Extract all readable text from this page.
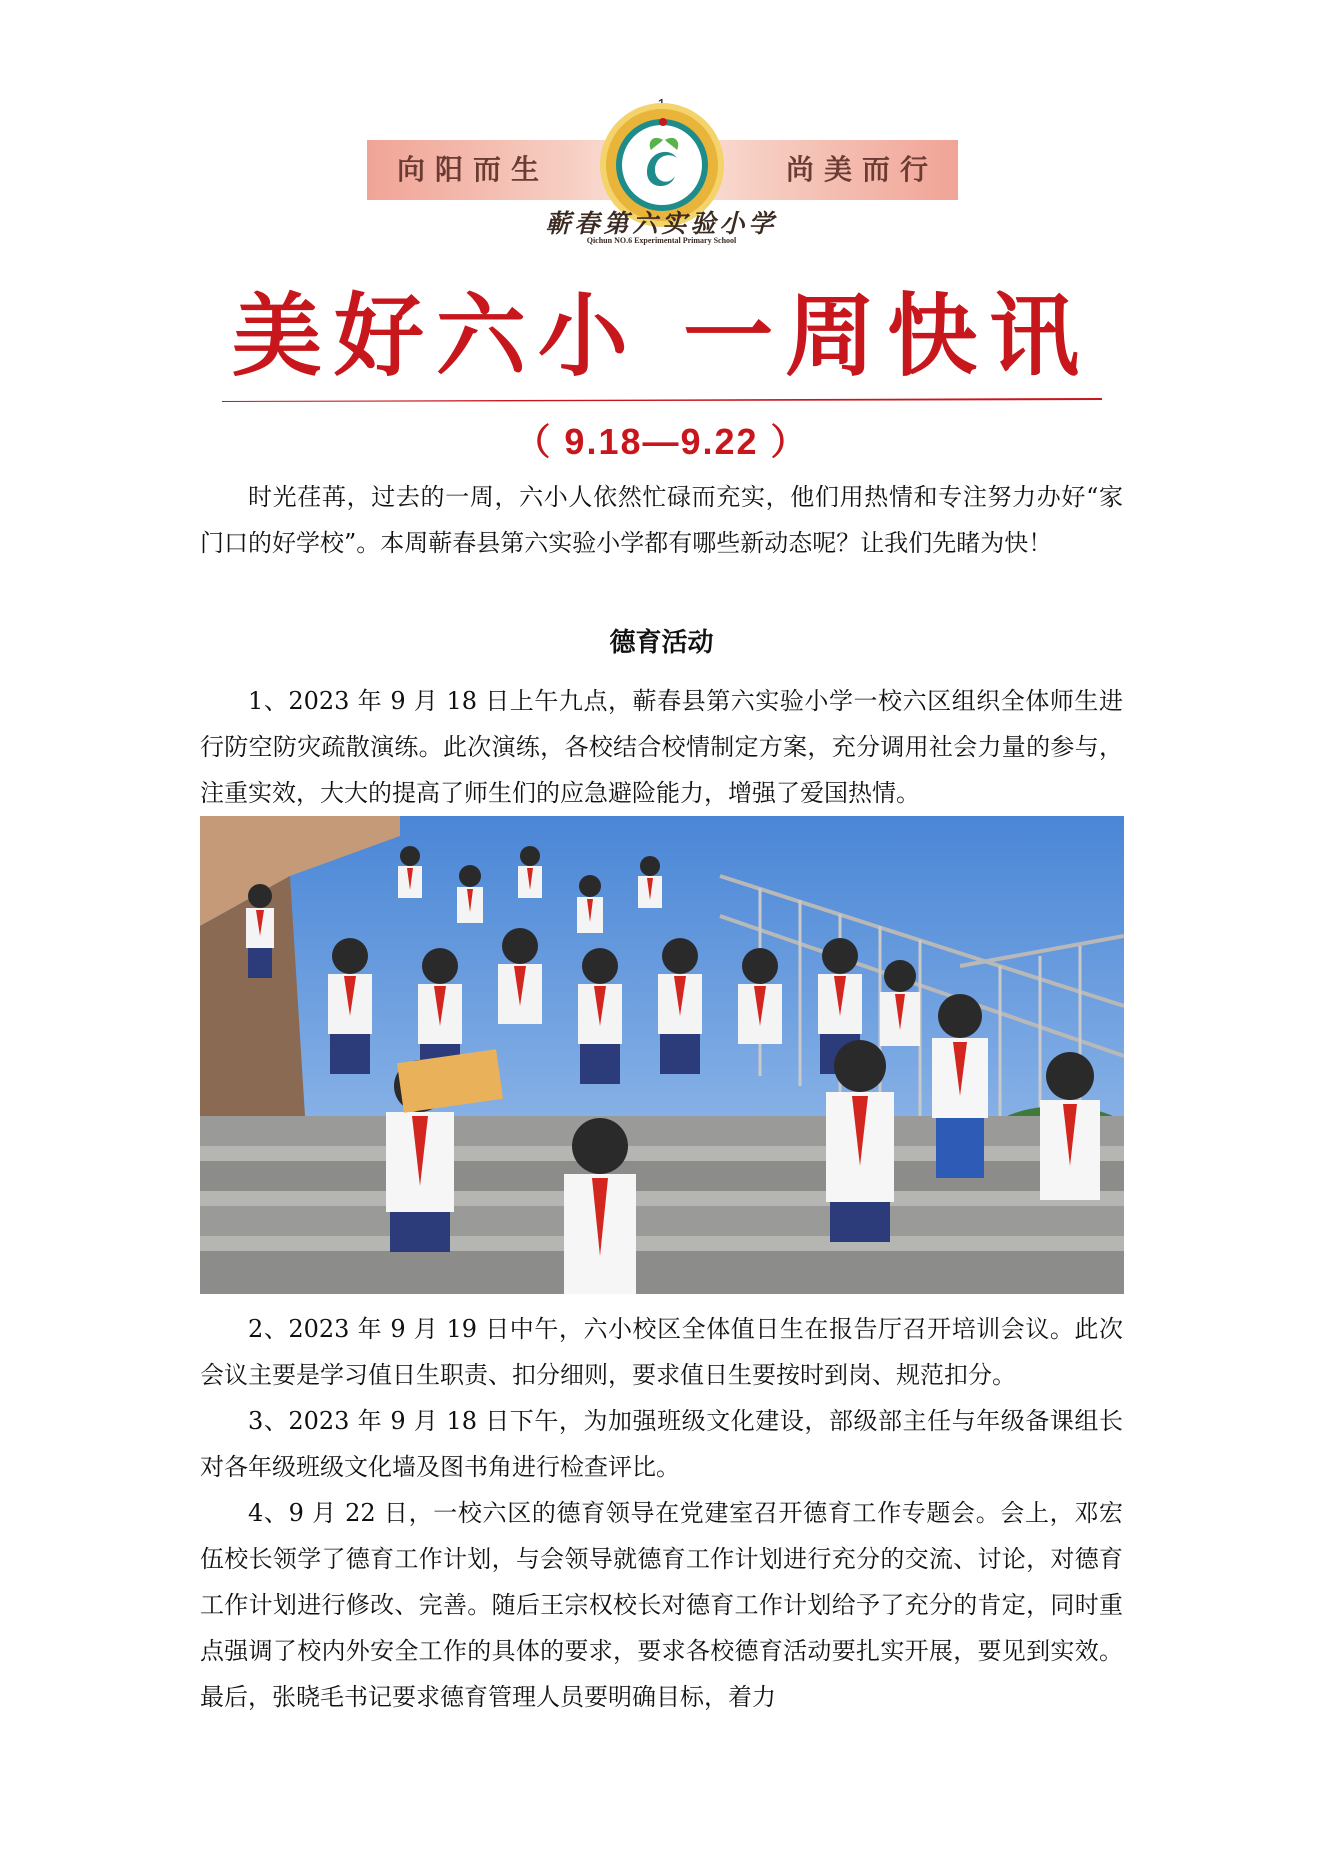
向阳而生	尚美而行
蕲春第六实验小学
Qichun NO.6 Experimental Primary School
美好六小 一周快讯
（ 9.18—9.22 ）
时光荏苒，过去的一周，六小人依然忙碌而充实，他们用热情和专注努力办好“家门口的好学校”。本周蕲春县第六实验小学都有哪些新动态呢？让我们先睹为快！
德育活动
1、2023 年 9 月 18 日上午九点，蕲春县第六实验小学一校六区组织全体师生进行防空防灾疏散演练。此次演练，各校结合校情制定方案，充分调用社会力量的参与，注重实效，大大的提高了师生们的应急避险能力，增强了爱国热情。
2、2023 年 9 月 19 日中午，六小校区全体值日生在报告厅召开培训会议。此次会议主要是学习值日生职责、扣分细则，要求值日生要按时到岗、规范扣分。
3、2023 年 9 月 18 日下午，为加强班级文化建设，部级部主任与年级备课组长对各年级班级文化墙及图书角进行检查评比。
4、9 月 22 日，一校六区的德育领导在党建室召开德育工作专题会。会上，邓宏伍校长领学了德育工作计划，与会领导就德育工作计划进行充分的交流、讨论，对德育工作计划进行修改、完善。随后王宗权校长对德育工作计划给予了充分的肯定，同时重点强调了校内外安全工作的具体的要求，要求各校德育活动要扎实开展，要见到实效。最后，张晓毛书记要求德育管理人员要明确目标，着力
